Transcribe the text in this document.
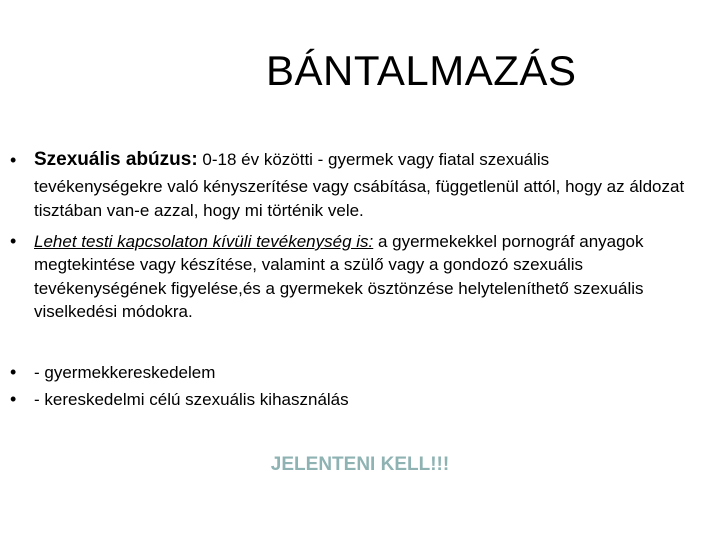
BÁNTALMAZÁS
• Szexuális abúzus: 0-18 év közötti - gyermek vagy fiatal szexuális
tevékenységekre való kényszerítése vagy csábítása, függetlenül attól, hogy az áldozat tisztában van-e azzal, hogy mi történik vele.
• Lehet testi kapcsolaton kívüli tevékenység is: a gyermekekkel pornográf anyagok megtekintése vagy készítése, valamint a szülő vagy a gondozó szexuális tevékenységének figyelése,és a gyermekek ösztönzése helyteleníthető szexuális viselkedési módokra.
• - gyermekkereskedelem
• - kereskedelmi célú szexuális kihasználás
JELENTENI KELL!!!
